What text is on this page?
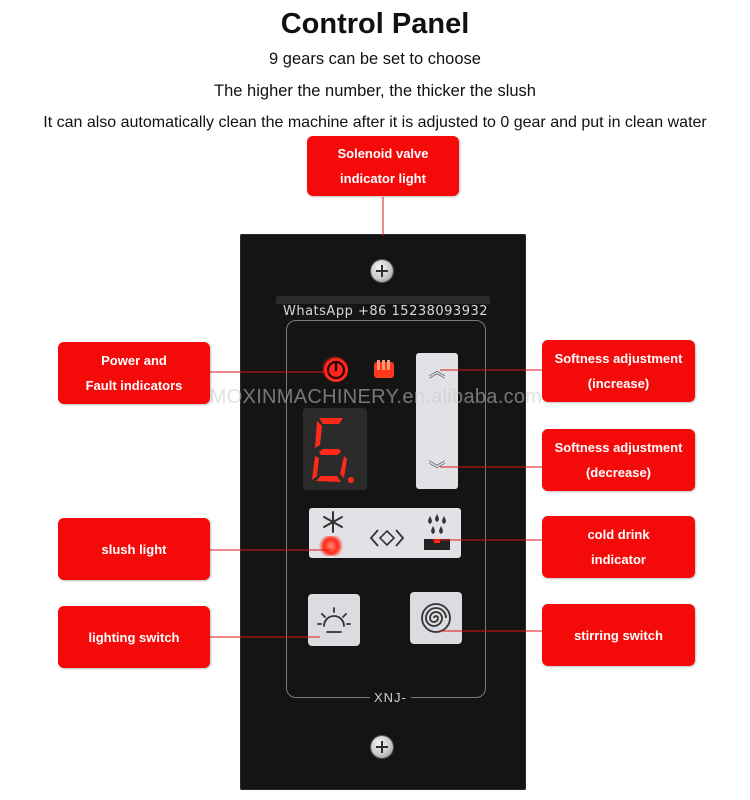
Control Panel
9 gears can be set to choose
The higher the number, the thicker the slush
It can also automatically clean the machine after it is adjusted to 0 gear and put in clean water
WhatsApp +86 15238093932
︽
︾
XNJ-
MOXINMACHINERY.en.alibaba.com
Solenoid valve
indicator light
Power and
Fault indicators
Softness adjustment
(increase)
Softness adjustment
(decrease)
slush light
cold drink
indicator
lighting switch	stirring switch
